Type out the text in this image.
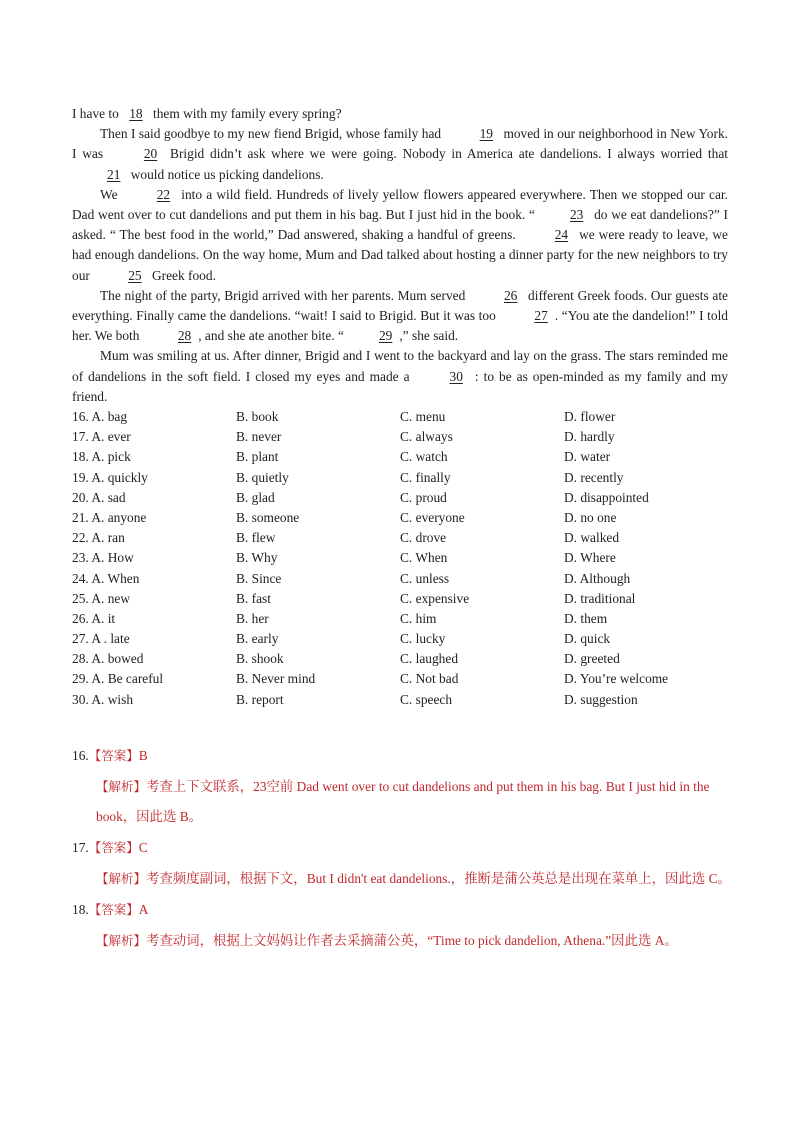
I have to 18 them with my family every spring?

Then I said goodbye to my new fiend Brigid, whose family had	19 moved in our neighborhood in New York. I was	20 Brigid didn’t ask where we were going. Nobody in America ate dandelions. I always worried that 21 would notice us picking dandelions.

We	22 into a wild field. Hundreds of lively yellow flowers appeared everywhere. Then we stopped our car. Dad went over to cut dandelions and put them in his bag. But I just hid in the book. “	23 do we eat dandelions?” I asked. “ The best food in the world,” Dad answered, shaking a handful of greens.	24 we were ready to leave, we had enough dandelions. On the way home, Mum and Dad talked about hosting a dinner party for the new neighbors to try our	25 Greek food.

The night of the party, Brigid arrived with her parents. Mum served	26 different Greek foods. Our guests ate everything. Finally came the dandelions. “wait! I said to Brigid. But it was too	27 . “You ate the dandelion!” I told her. We both	28 , and she ate another bite. “	29 ,” she said.

Mum was smiling at us. After dinner, Brigid and I went to the backyard and lay on the grass. The stars reminded me of dandelions in the soft field. I closed my eyes and made a	30 : to be as open-minded as my family and my friend.

16. A. bag	B. book	C. menu	D. flower
17. A. ever	B. never	C. always	D. hardly
18. A. pick	B. plant	C. watch	D. water
19. A. quickly	B. quietly	C. finally	D. recently
20. A. sad	B. glad	C. proud	D. disappointed
21. A. anyone	B. someone	C. everyone	D. no one
22. A. ran	B. flew	C. drove	D. walked
23. A. How	B. Why	C. When	D. Where
24. A. When	B. Since	C. unless	D. Although
25. A. new	B. fast	C. expensive	D. traditional
26. A. it	B. her	C. him	D. them
27. A . late	B. early	C. lucky	D. quick
28. A. bowed	B. shook	C. laughed	D. greeted
29. A. Be careful	B. Never mind	C. Not bad	D. You’re welcome
30. A. wish	B. report	C. speech	D. suggestion
16.【答案】B
【解析】考查上下文联系，23空前 Dad went over to cut dandelions and put them in his bag. But I just hid in the book，因此选 B。
17.【答案】C
【解析】考查频度副词，根据下文，But I didn't eat dandelions.，推断是蒲公英总是出现在菜单上，因此选 C。
18.【答案】A
【解析】考查动词，根据上文妈妈让作者去采摘蒲公英，“Time to pick dandelion, Athena.”因此选 A。
